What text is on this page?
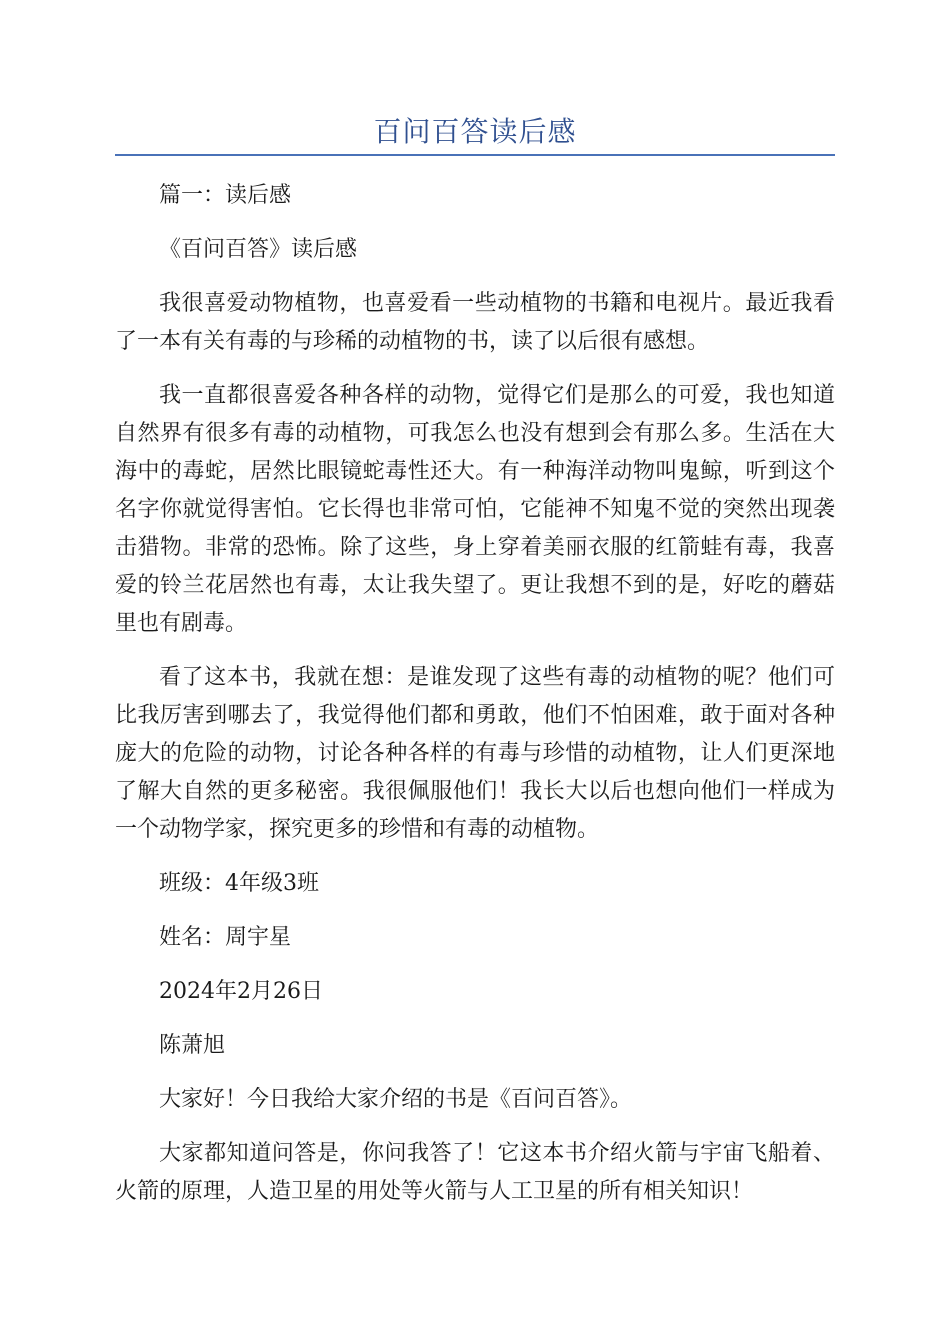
百问百答读后感

篇一：读后感

《百问百答》读后感

我很喜爱动物植物，也喜爱看一些动植物的书籍和电视片。最近我看了一本有关有毒的与珍稀的动植物的书，读了以后很有感想。

我一直都很喜爱各种各样的动物，觉得它们是那么的可爱，我也知道自然界有很多有毒的动植物，可我怎么也没有想到会有那么多。生活在大海中的毒蛇，居然比眼镜蛇毒性还大。有一种海洋动物叫鬼鲸，听到这个名字你就觉得害怕。它长得也非常可怕，它能神不知鬼不觉的突然出现袭击猎物。非常的恐怖。除了这些，身上穿着美丽衣服的红箭蛙有毒，我喜爱的铃兰花居然也有毒，太让我失望了。更让我想不到的是，好吃的蘑菇里也有剧毒。

看了这本书，我就在想：是谁发现了这些有毒的动植物的呢？他们可比我厉害到哪去了，我觉得他们都和勇敢，他们不怕困难，敢于面对各种庞大的危险的动物，讨论各种各样的有毒与珍惜的动植物，让人们更深地了解大自然的更多秘密。我很佩服他们！我长大以后也想向他们一样成为一个动物学家，探究更多的珍惜和有毒的动植物。

班级：4年级3班

姓名：周宇星

2024年2月26日

陈萧旭

大家好！今日我给大家介绍的书是《百问百答》。

大家都知道问答是，你问我答了！它这本书介绍火箭与宇宙飞船着、火箭的原理，人造卫星的用处等火箭与人工卫星的所有相关知识！
